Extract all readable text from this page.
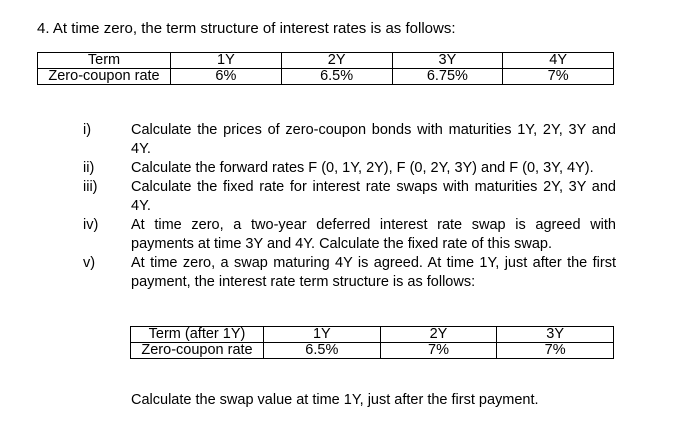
4. At time zero, the term structure of interest rates is as follows:
Term	1Y	2Y	3Y	4Y
Zero-coupon rate	6%	6.5%	6.75%	7%
i)	Calculate the prices of zero-coupon bonds with maturities 1Y, 2Y, 3Y and 4Y.
ii)	Calculate the forward rates F (0, 1Y, 2Y), F (0, 2Y, 3Y) and F (0, 3Y, 4Y).
iii)	Calculate the fixed rate for interest rate swaps with maturities 2Y, 3Y and 4Y.
iv)	At time zero, a two-year deferred interest rate swap is agreed with payments at time 3Y and 4Y. Calculate the fixed rate of this swap.
v)	At time zero, a swap maturing 4Y is agreed. At time 1Y, just after the first payment, the interest rate term structure is as follows:
Term (after 1Y)	1Y	2Y	3Y
Zero-coupon rate	6.5%	7%	7%
Calculate the swap value at time 1Y, just after the first payment.
